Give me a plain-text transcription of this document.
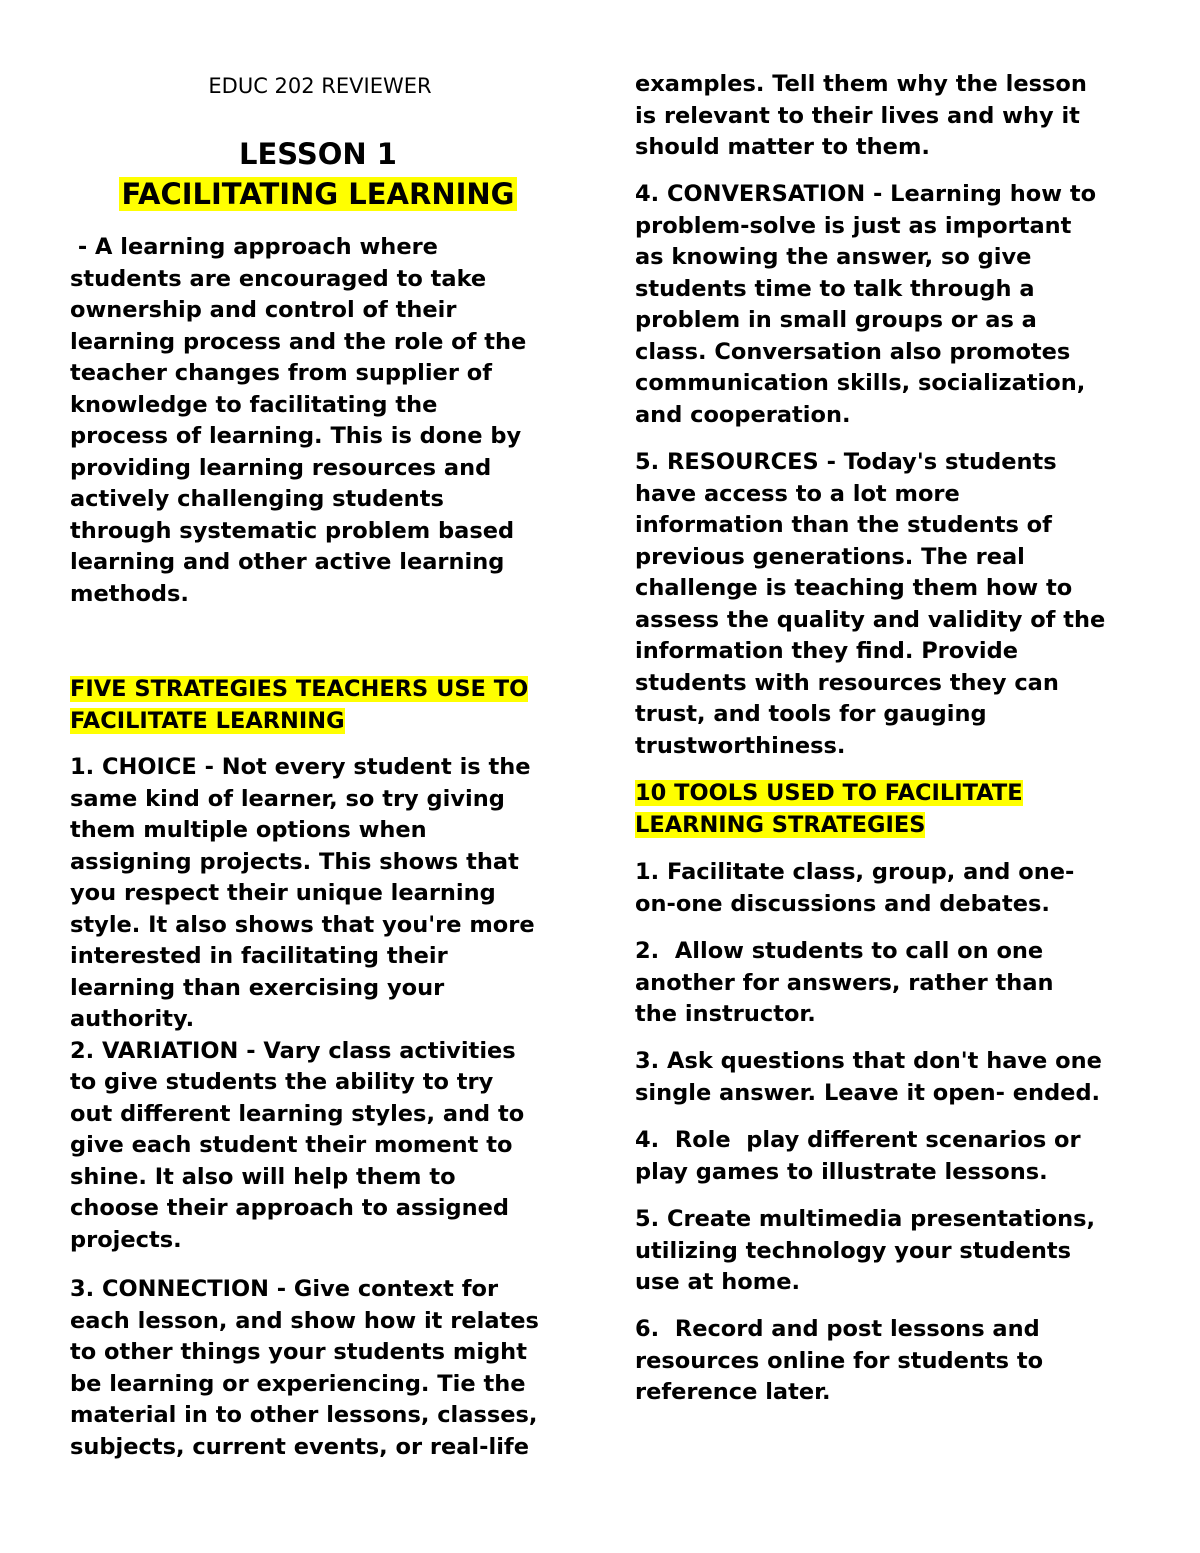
EDUC 202 REVIEWER
LESSON 1
FACILITATING LEARNING
- A learning approach where
students are encouraged to take
ownership and control of their
learning process and the role of the
teacher changes from supplier of
knowledge to facilitating the
process of learning. This is done by
providing learning resources and
actively challenging students
through systematic problem based
learning and other active learning
methods.
FIVE STRATEGIES TEACHERS USE TO
FACILITATE LEARNING
1. CHOICE - Not every student is the
same kind of learner, so try giving
them multiple options when
assigning projects. This shows that
you respect their unique learning
style. It also shows that you're more
interested in facilitating their
learning than exercising your
authority.
2. VARIATION - Vary class activities
to give students the ability to try
out different learning styles, and to
give each student their moment to
shine. It also will help them to
choose their approach to assigned
projects.
3. CONNECTION - Give context for
each lesson, and show how it relates
to other things your students might
be learning or experiencing. Tie the
material in to other lessons, classes,
subjects, current events, or real-life
examples. Tell them why the lesson
is relevant to their lives and why it
should matter to them.
4. CONVERSATION - Learning how to
problem-solve is just as important
as knowing the answer, so give
students time to talk through a
problem in small groups or as a
class. Conversation also promotes
communication skills, socialization,
and cooperation.
5. RESOURCES - Today's students
have access to a lot more
information than the students of
previous generations. The real
challenge is teaching them how to
assess the quality and validity of the
information they find. Provide
students with resources they can
trust, and tools for gauging
trustworthiness.
10 TOOLS USED TO FACILITATE
LEARNING STRATEGIES
1. Facilitate class, group, and one-
on-one discussions and debates.
2.  Allow students to call on one
another for answers, rather than
the instructor.
3. Ask questions that don't have one
single answer. Leave it open- ended.
4.  Role  play different scenarios or
play games to illustrate lessons.
5. Create multimedia presentations,
utilizing technology your students
use at home.
6.  Record and post lessons and
resources online for students to
reference later.
